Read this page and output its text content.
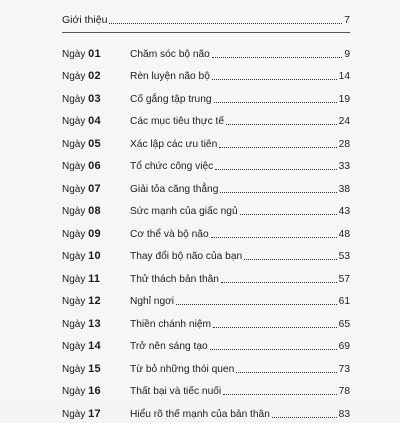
Giới thiệu	7
Ngày 01	Chăm sóc bộ não	9
Ngày 02	Rèn luyện não bộ	14
Ngày 03	Cố gắng tập trung	19
Ngày 04	Các mục tiêu thực tế	24
Ngày 05	Xác lập các ưu tiên	28
Ngày 06	Tổ chức công việc	33
Ngày 07	Giải tỏa căng thẳng	38
Ngày 08	Sức mạnh của giấc ngủ	43
Ngày 09	Cơ thể và bộ não	48
Ngày 10	Thay đổi bộ não của bạn	53
Ngày 11	Thử thách bản thân	57
Ngày 12	Nghỉ ngơi	61
Ngày 13	Thiền chánh niệm	65
Ngày 14	Trở nên sáng tạo	69
Ngày 15	Từ bỏ những thói quen	73
Ngày 16	Thất bại và tiếc nuối	78
Ngày 17	Hiểu rõ thế mạnh của bản thân	83
